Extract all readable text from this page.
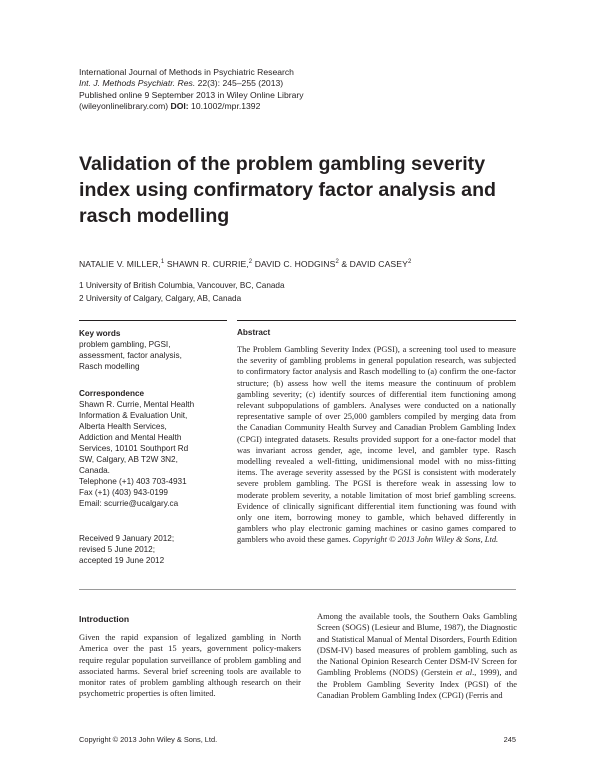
International Journal of Methods in Psychiatric Research
Int. J. Methods Psychiatr. Res. 22(3): 245–255 (2013)
Published online 9 September 2013 in Wiley Online Library
(wileyonlinelibrary.com) DOI: 10.1002/mpr.1392
Validation of the problem gambling severity index using confirmatory factor analysis and rasch modelling
NATALIE V. MILLER,$^1$ SHAWN R. CURRIE,$^2$ DAVID C. HODGINS$^2$ & DAVID CASEY$^2$
1 University of British Columbia, Vancouver, BC, Canada
2 University of Calgary, Calgary, AB, Canada
Key words
problem gambling, PGSI,
assessment, factor analysis,
Rasch modelling
Correspondence
Shawn R. Currie, Mental Health
Information & Evaluation Unit,
Alberta Health Services,
Addiction and Mental Health
Services, 10101 Southport Rd
SW, Calgary, AB T2W 3N2,
Canada.
Telephone (+1) 403 703-4931
Fax (+1) (403) 943-0199
Email: scurrie@ucalgary.ca
Received 9 January 2012;
revised 5 June 2012;
accepted 19 June 2012
Abstract
The Problem Gambling Severity Index (PGSI), a screening tool used to measure the severity of gambling problems in general population research, was subjected to confirmatory factor analysis and Rasch modelling to (a) confirm the one-factor structure; (b) assess how well the items measure the continuum of problem gambling severity; (c) identify sources of differential item functioning among relevant subpopulations of gamblers. Analyses were conducted on a nationally representative sample of over 25,000 gamblers compiled by merging data from the Canadian Community Health Survey and Canadian Problem Gambling Index (CPGI) integrated datasets. Results provided support for a one-factor model that was invariant across gender, age, income level, and gambler type. Rasch modelling revealed a well-fitting, unidimensional model with no miss-fitting items. The average severity assessed by the PGSI is consistent with moderately severe problem gambling. The PGSI is therefore weak in assessing low to moderate problem severity, a notable limitation of most brief gambling screens. Evidence of clinically significant differential item functioning was found with only one item, borrowing money to gamble, which behaved differently in gamblers who play electronic gaming machines or casino games compared to gamblers who avoid these games. Copyright © 2013 John Wiley & Sons, Ltd.
Introduction
Given the rapid expansion of legalized gambling in North America over the past 15 years, government policy-makers require regular population surveillance of problem gambling and associated harms. Several brief screening tools are available to monitor rates of problem gambling although research on their psychometric properties is often limited.
Among the available tools, the Southern Oaks Gambling Screen (SOGS) (Lesieur and Blume, 1987), the Diagnostic and Statistical Manual of Mental Disorders, Fourth Edition (DSM-IV) based measures of problem gambling, such as the National Opinion Research Center DSM-IV Screen for Gambling Problems (NODS) (Gerstein et al., 1999), and the Problem Gambling Severity Index (PGSI) of the Canadian Problem Gambling Index (CPGI) (Ferris and
Copyright © 2013 John Wiley & Sons, Ltd.	245
